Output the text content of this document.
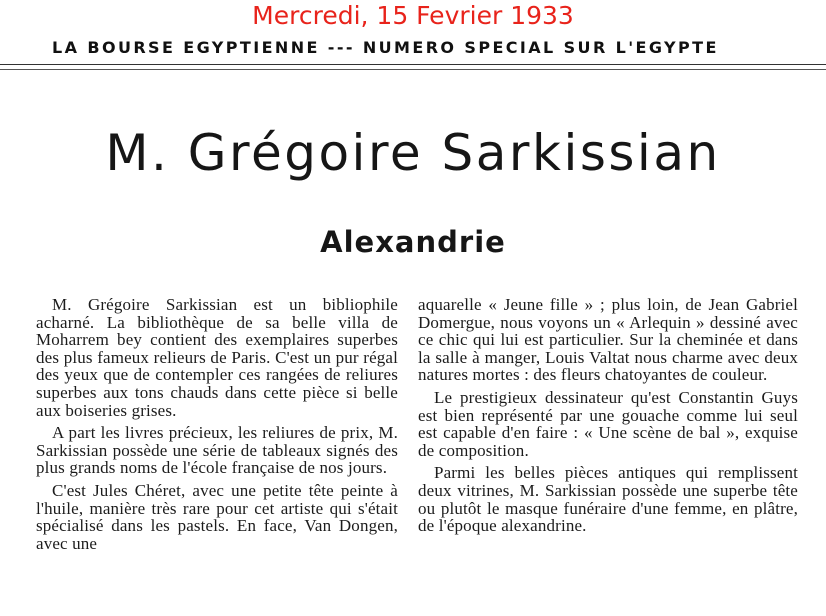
Mercredi, 15 Fevrier 1933
LA BOURSE EGYPTIENNE --- NUMERO SPECIAL SUR L'EGYPTE
M. Grégoire Sarkissian
Alexandrie

M. Grégoire Sarkissian est un bibliophile acharné. La bibliothèque de sa belle villa de Moharrem bey contient des exemplaires superbes des plus fameux relieurs de Paris. C'est un pur régal des yeux que de contempler ces rangées de reliures superbes aux tons chauds dans cette pièce si belle aux boiseries grises.

A part les livres précieux, les reliures de prix, M. Sarkissian possède une série de tableaux signés des plus grands noms de l'école française de nos jours.

C'est Jules Chéret, avec une petite tête peinte à l'huile, manière très rare pour cet artiste qui s'était spécialisé dans les pastels. En face, Van Dongen, avec une

aquarelle « Jeune fille » ; plus loin, de Jean Gabriel Domergue, nous voyons un « Arlequin » dessiné avec ce chic qui lui est particulier. Sur la cheminée et dans la salle à manger, Louis Valtat nous charme avec deux natures mortes : des fleurs chatoyantes de couleur.

Le prestigieux dessinateur qu'est Constantin Guys est bien représenté par une gouache comme lui seul est capable d'en faire : « Une scène de bal », exquise de composition.

Parmi les belles pièces antiques qui remplissent deux vitrines, M. Sarkissian possède une superbe tête ou plutôt le masque funéraire d'une femme, en plâtre, de l'époque alexandrine.
